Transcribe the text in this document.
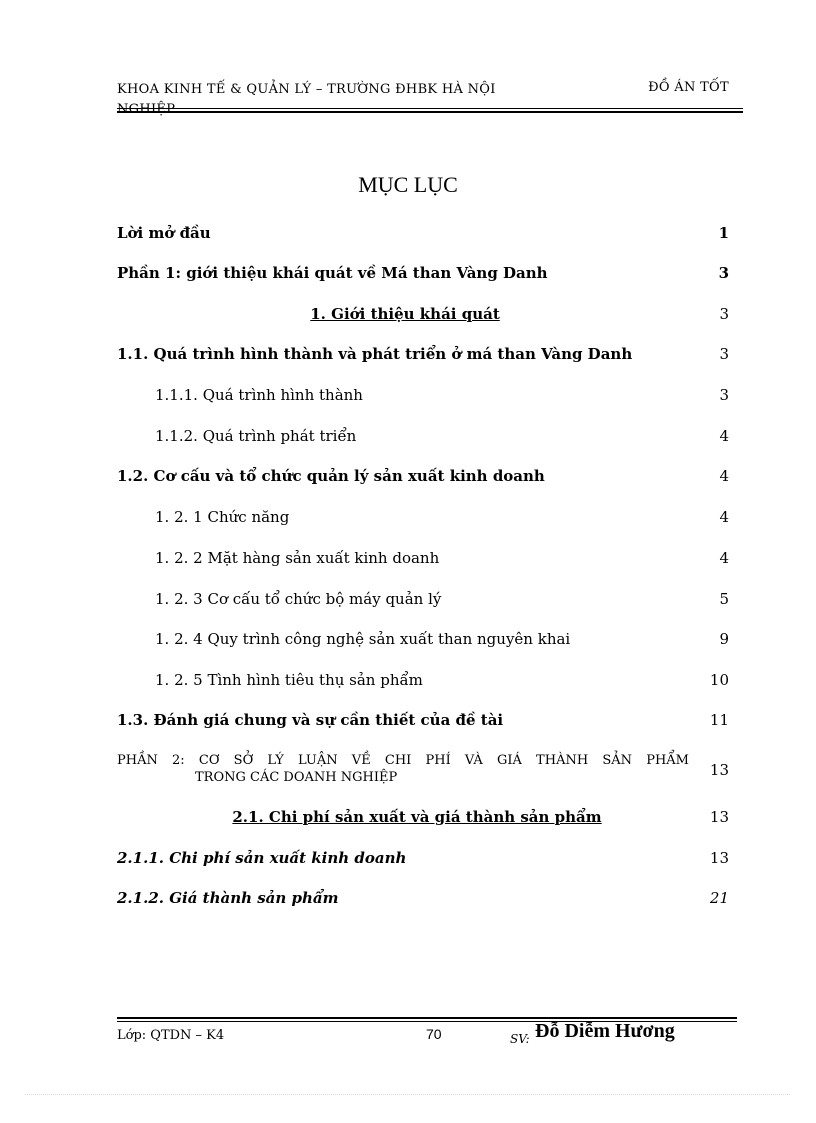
KHOA KINH TẾ & QUẢN LÝ – TRƯỜNG ĐHBK HÀ NỘI NGHIỆP
ĐỒ ÁN TỐT
MỤC LỤC
Lời mở đầu	1
Phần 1: giới thiệu khái quát về Má than Vàng Danh	3
1. Giới thiệu khái quát	3
1.1. Quá trình hình thành và phát triển ở má than Vàng Danh	3
1.1.1. Quá trình hình thành	3
1.1.2. Quá trình phát triển	4
1.2. Cơ cấu và tổ chức quản lý sản xuất kinh doanh	4
1. 2. 1 Chức năng	4
1. 2. 2 Mặt hàng sản xuất kinh doanh	4
1. 2. 3 Cơ cấu tổ chức bộ máy quản lý	5
1. 2. 4 Quy trình công nghệ sản xuất than nguyên khai	9
1. 2. 5 Tình hình tiêu thụ sản phẩm	10
1.3. Đánh giá chung và sự cần thiết của đề tài	11
PHẦN 2: CƠ SỞ LÝ LUẬN VỀ CHI PHÍ VÀ GIÁ THÀNH SẢN PHẨM
TRONG CÁC DOANH NGHIỆP	13
2.1. Chi phí sản xuất và giá thành sản phẩm	13
2.1.1. Chi phí sản xuất kinh doanh	13
2.1.2. Giá thành sản phẩm	21
Lớp: QTDN – K4	70	SV: Đỗ Diễm Hương
